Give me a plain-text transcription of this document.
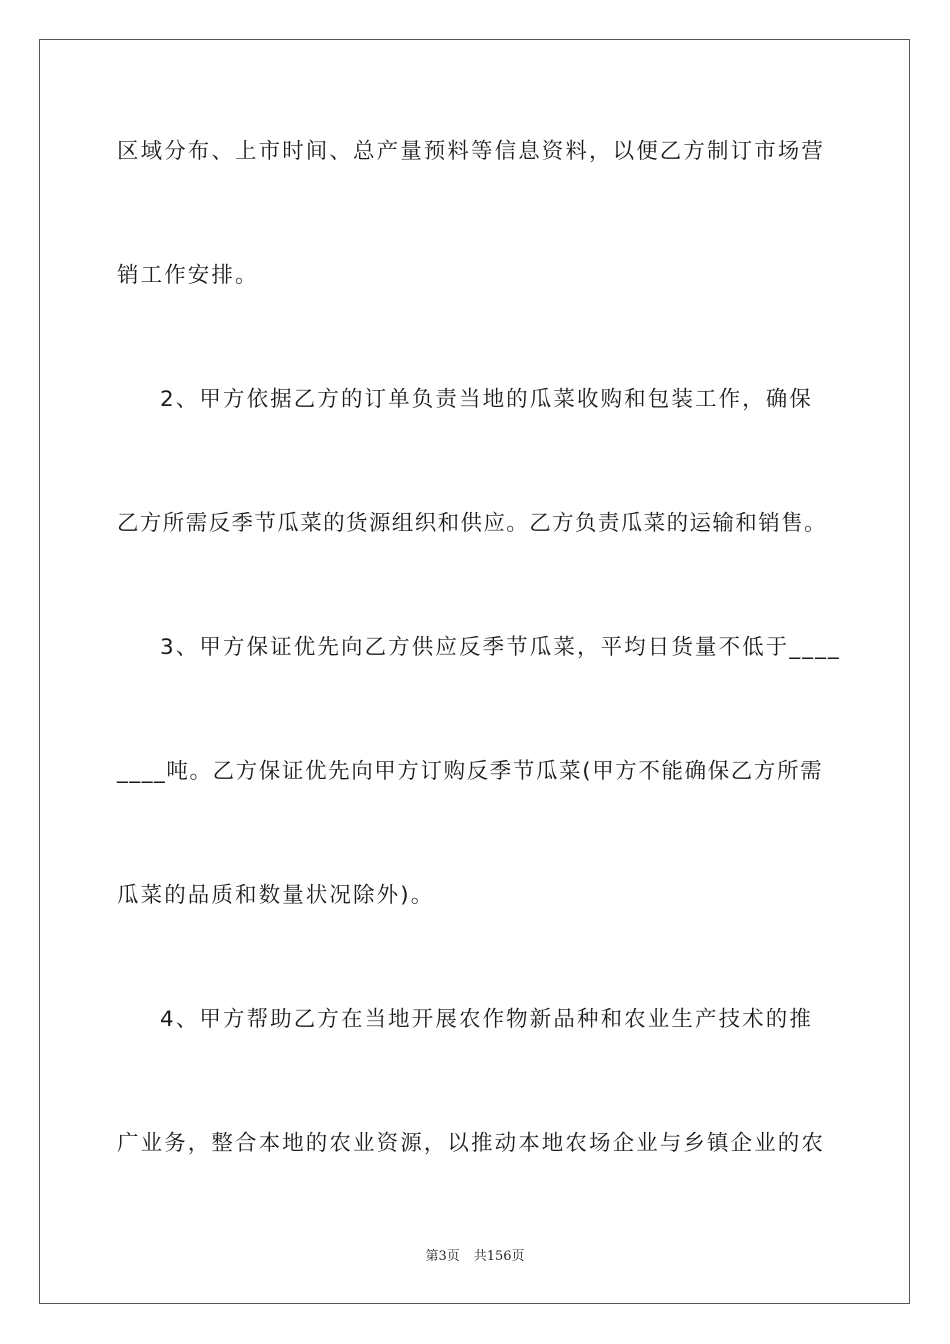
区域分布、上市时间、总产量预料等信息资料，以便乙方制订市场营
销工作安排。
2、甲方依据乙方的订单负责当地的瓜菜收购和包装工作，确保
乙方所需反季节瓜菜的货源组织和供应。乙方负责瓜菜的运输和销售。
3、甲方保证优先向乙方供应反季节瓜菜，平均日货量不低于____
____吨。乙方保证优先向甲方订购反季节瓜菜(甲方不能确保乙方所需
瓜菜的品质和数量状况除外)。
4、甲方帮助乙方在当地开展农作物新品种和农业生产技术的推
广业务，整合本地的农业资源，以推动本地农场企业与乡镇企业的农
第3页 共156页
